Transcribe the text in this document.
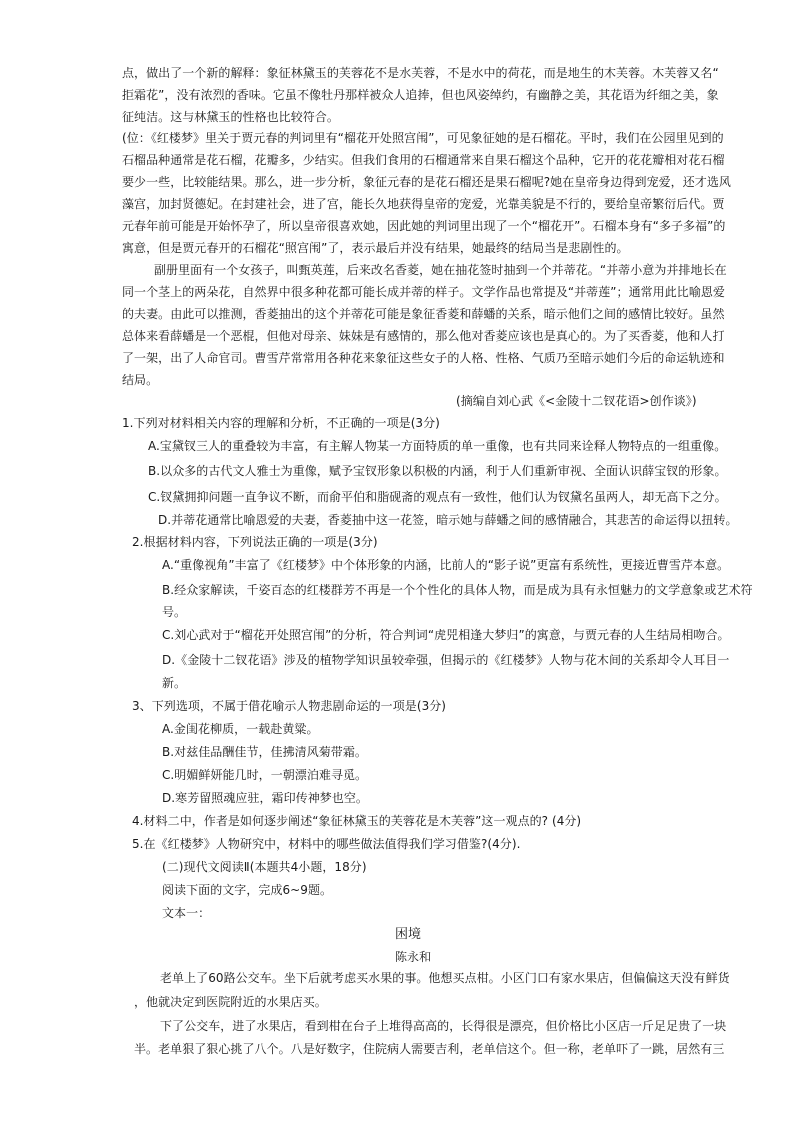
点，做出了一个新的解释：象征林黛玉的芙蓉花不是水芙蓉，不是水中的荷花，而是地生的木芙蓉。木芙蓉又名“
拒霜花”，没有浓烈的香味。它虽不像牡丹那样被众人追捧，但也风姿绰约，有幽静之美，其花语为纤细之美，象
征纯洁。这与林黛玉的性格也比较符合。
(位：《红楼梦》里关于贾元春的判词里有“榴花开处照宫闱”，可见象征她的是石榴花。平时，我们在公园里见到的
石榴品种通常是花石榴，花瓣多，少结实。但我们食用的石榴通常来自果石榴这个品种，它开的花花瓣相对花石榴
要少一些，比较能结果。那么，进一步分析，象征元春的是花石榴还是果石榴呢?她在皇帝身边得到宠爱，还才选风
藻宫，加封贤德妃。在封建社会，进了宫，能长久地获得皇帝的宠爱，光靠美貌是不行的，要给皇帝繁衍后代。贾
元春年前可能是开始怀孕了，所以皇帝很喜欢她，因此她的判词里出现了一个“榴花开”。石榴本身有“多子多福”的
寓意，但是贾元春开的石榴花“照宫闱”了，表示最后并没有结果，她最终的结局当是悲剧性的。
副册里面有一个女孩子，叫甄英莲，后来改名香菱，她在抽花签时抽到一个并蒂花。“并蒂小意为并排地长在
同一个茎上的两朵花，自然界中很多种花都可能长成并蒂的样子。文学作品也常提及“并蒂莲”；通常用此比喻恩爱
的夫妻。由此可以推测，香菱抽出的这个并蒂花可能是象征香菱和薛蟠的关系，暗示他们之间的感情比较好。虽然
总体来看薛蟠是一个恶棍，但他对母亲、妹妹是有感情的，那么他对香菱应该也是真心的。为了买香菱，他和人打
了一架，出了人命官司。曹雪芹常常用各种花来象征这些女子的人格、性格、气质乃至暗示她们今后的命运轨迹和
结局。
(摘编自刘心武《<金陵十二钗花语>创作谈》)
1.下列对材料相关内容的理解和分析，不正确的一项是(3分)
A.宝黛钗三人的重叠较为丰富，有主解人物某一方面特质的单一重像，也有共同来诠释人物特点的一组重像。
B.以众多的古代文人雅士为重像，赋予宝钗形象以积极的内涵，利于人们重新审视、全面认识薛宝钗的形象。
C.钗黛拥抑问题一直争议不断，而俞平伯和脂砚斋的观点有一致性，他们认为钗黛名虽两人，却无高下之分。
D.并蒂花通常比喻恩爱的夫妻，香菱抽中这一花签，暗示她与薛蟠之间的感情融合，其悲苦的命运得以扭转。
2.根据材料内容，下列说法正确的一项是(3分)
A.“重像视角”丰富了《红楼梦》中个体形象的内涵，比前人的“影子说”更富有系统性，更接近曹雪芹本意。
B.经众家解读，千姿百态的红楼群芳不再是一个个性化的具体人物，而是成为具有永恒魅力的文学意象或艺术符
号。
C.刘心武对于“榴花开处照宫闱”的分析，符合判词“虎兕相逢大梦归”的寓意，与贾元春的人生结局相吻合。
D.《金陵十二钗花语》涉及的植物学知识虽较牵强，但揭示的《红楼梦》人物与花木间的关系却令人耳目一
新。
3、下列选项，不属于借花喻示人物悲剧命运的一项是(3分)
A.金闺花柳质，一载赴黄粱。
B.对兹佳品酬佳节，佳拂清风菊带霜。
C.明媚鲜妍能几时，一朝漂泊难寻觅。
D.寒芳留照魂应驻，霜印传神梦也空。
4.材料二中，作者是如何逐步阐述“象征林黛玉的芙蓉花是木芙蓉”这一观点的? (4分)
5.在《红楼梦》人物研究中，材料中的哪些做法值得我们学习借鉴?(4分).
(二)现代文阅读Ⅱ(本题共4小题，18分)
阅读下面的文字，完成6~9题。
文本一：
困境
陈永和
老单上了60路公交车。坐下后就考虑买水果的事。他想买点柑。小区门口有家水果店，但偏偏这天没有鲜货
，他就决定到医院附近的水果店买。
下了公交车，进了水果店，看到柑在台子上堆得高高的，长得很是漂亮，但价格比小区店一斤足足贵了一块
半。老单狠了狠心挑了八个。八是好数字，住院病人需要吉利，老单信这个。但一称，老单吓了一跳，居然有三
